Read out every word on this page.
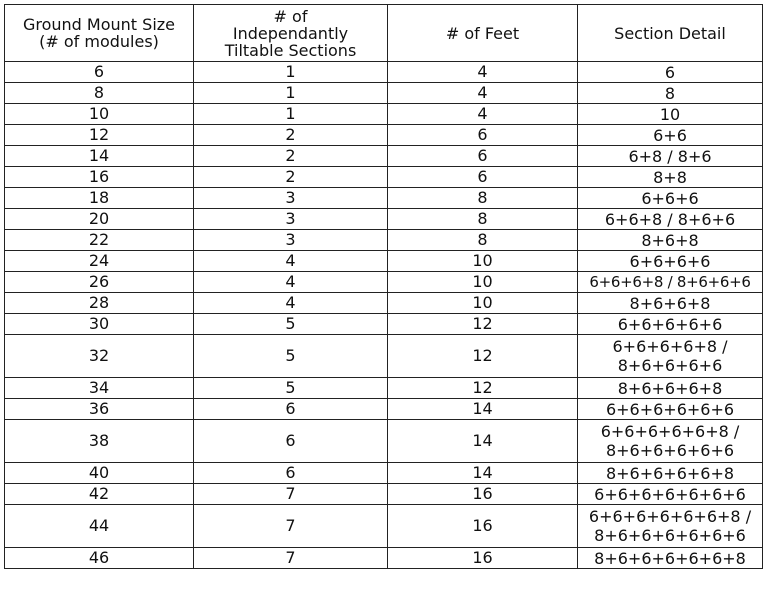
Ground Mount Size
(# of modules)	# of
Independantly
Tiltable Sections	# of Feet	Section Detail
6	1	4	6
8	1	4	8
10	1	4	10
12	2	6	6+6
14	2	6	6+8 / 8+6
16	2	6	8+8
18	3	8	6+6+6
20	3	8	6+6+8 / 8+6+6
22	3	8	8+6+8
24	4	10	6+6+6+6
26	4	10	6+6+6+8 / 8+6+6+6
28	4	10	8+6+6+8
30	5	12	6+6+6+6+6
32	5	12	6+6+6+6+8 /
8+6+6+6+6
34	5	12	8+6+6+6+8
36	6	14	6+6+6+6+6+6
38	6	14	6+6+6+6+6+8 /
8+6+6+6+6+6
40	6	14	8+6+6+6+6+8
42	7	16	6+6+6+6+6+6+6
44	7	16	6+6+6+6+6+6+8 /
8+6+6+6+6+6+6
46	7	16	8+6+6+6+6+6+8
